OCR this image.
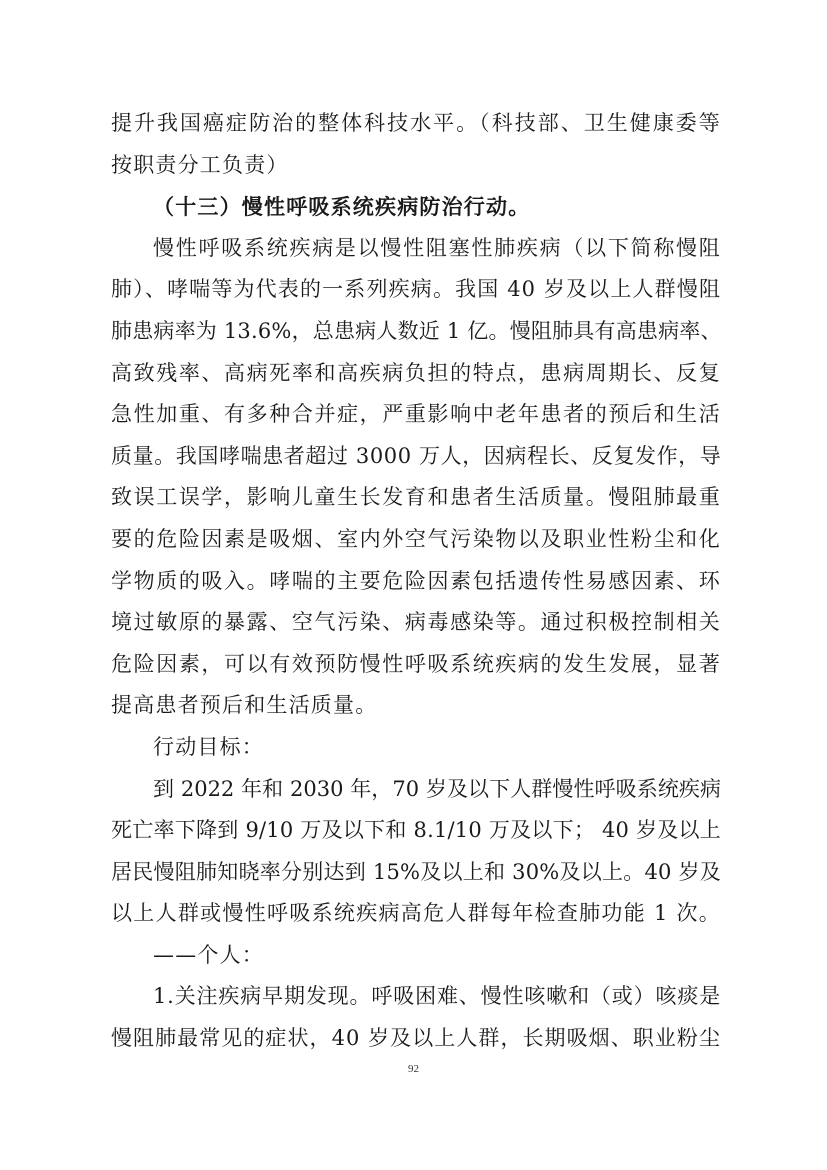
提升我国癌症防治的整体科技水平。（科技部、卫生健康委等
按职责分工负责）
（十三）慢性呼吸系统疾病防治行动。
慢性呼吸系统疾病是以慢性阻塞性肺疾病（以下简称慢阻
肺）、哮喘等为代表的一系列疾病。我国 40 岁及以上人群慢阻
肺患病率为 13.6%，总患病人数近 1 亿。慢阻肺具有高患病率、
高致残率、高病死率和高疾病负担的特点，患病周期长、反复
急性加重、有多种合并症，严重影响中老年患者的预后和生活
质量。我国哮喘患者超过 3000 万人，因病程长、反复发作，导
致误工误学，影响儿童生长发育和患者生活质量。慢阻肺最重
要的危险因素是吸烟、室内外空气污染物以及职业性粉尘和化
学物质的吸入。哮喘的主要危险因素包括遗传性易感因素、环
境过敏原的暴露、空气污染、病毒感染等。通过积极控制相关
危险因素，可以有效预防慢性呼吸系统疾病的发生发展，显著
提高患者预后和生活质量。
行动目标：
到 2022 年和 2030 年，70 岁及以下人群慢性呼吸系统疾病
死亡率下降到 9/10 万及以下和 8.1/10 万及以下； 40 岁及以上
居民慢阻肺知晓率分别达到 15%及以上和 30%及以上。40 岁及
以上人群或慢性呼吸系统疾病高危人群每年检查肺功能 1 次。
——个人：
1.关注疾病早期发现。呼吸困难、慢性咳嗽和（或）咳痰是
慢阻肺最常见的症状，40 岁及以上人群，长期吸烟、职业粉尘
92
